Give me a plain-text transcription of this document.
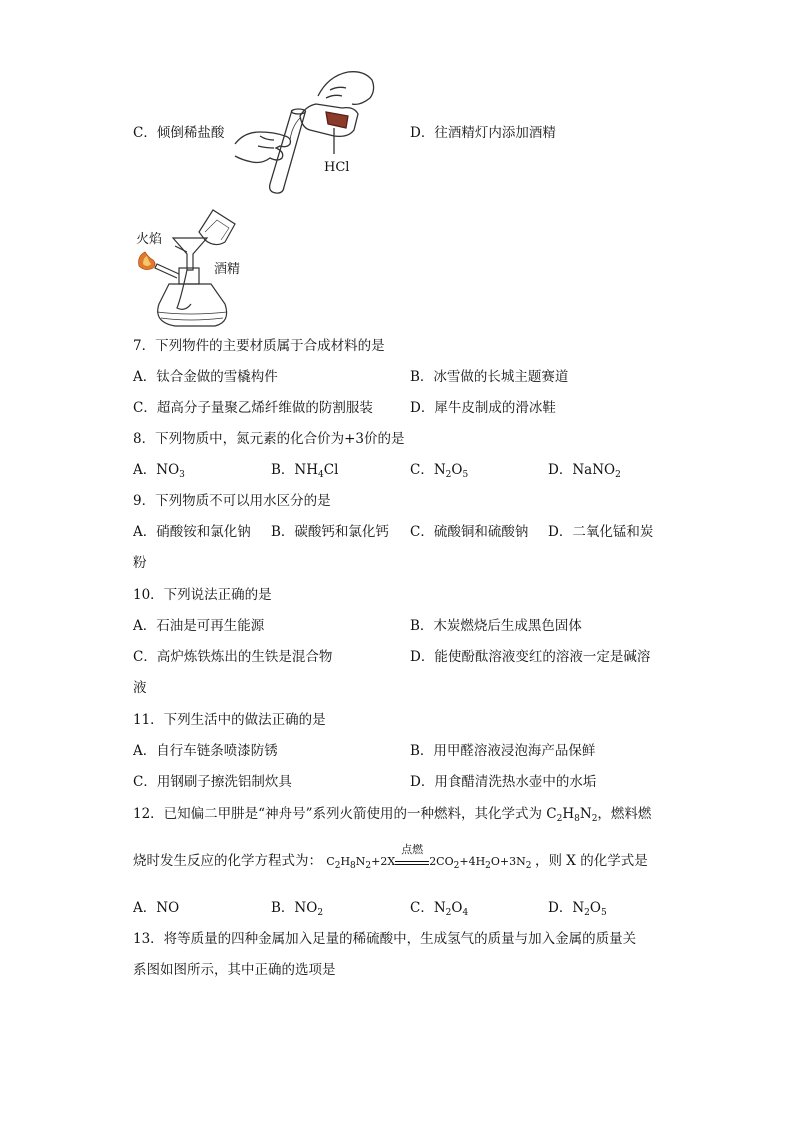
C．倾倒稀盐酸
HCl
D．往酒精灯内添加酒精
火焰
酒精
7．下列物件的主要材质属于合成材料的是
A．钛合金做的雪橇构件	B．冰雪做的长城主题赛道
C．超高分子量聚乙烯纤维做的防割服装	D．犀牛皮制成的滑冰鞋
8．下列物质中，氮元素的化合价为+3价的是
A．$NO_3$	B．$NH_4Cl$	C．$N_2O_5$	D．NaNO$_2$
9．下列物质不可以用水区分的是
A．硝酸铵和氯化钠 B．碳酸钙和氯化钙 C．硫酸铜和硫酸钠 D．二氧化锰和炭
粉
10．下列说法正确的是
A．石油是可再生能源	B．木炭燃烧后生成黑色固体
C．高炉炼铁炼出的生铁是混合物	D．能使酚酞溶液变红的溶液一定是碱溶
液
11．下列生活中的做法正确的是
A．自行车链条喷漆防锈	B．用甲醛溶液浸泡海产品保鲜
C．用钢刷子擦洗铝制炊具	D．用食醋清洗热水壶中的水垢
12．已知偏二甲肼是“神舟号”系列火箭使用的一种燃料，其化学式为 $C_2H_8N_2$，燃料燃
烧时发生反应的化学方程式为： $C_2H_8N_2+2X$
点燃
$2CO_2+4H_2O+3N_2$ ，则 X 的化学式是
A．NO	B．$NO_2$	C．$N_2O_4$	D．$N_2O_5$
13．将等质量的四种金属加入足量的稀硫酸中，生成氢气的质量与加入金属的质量关
系图如图所示，其中正确的选项是
